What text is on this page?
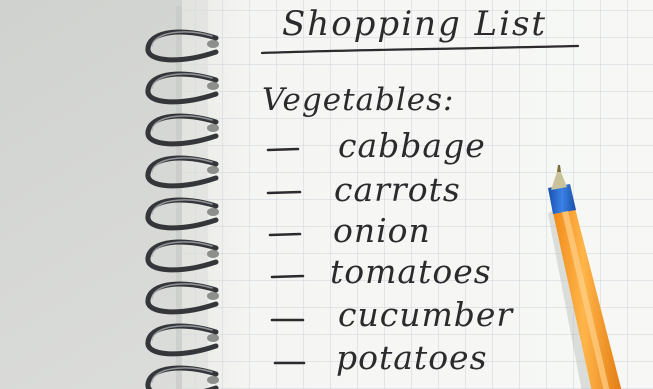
Shopping List
Vegetables:
cabbage
carrots
onion
tomatoes
cucumber
potatoes
